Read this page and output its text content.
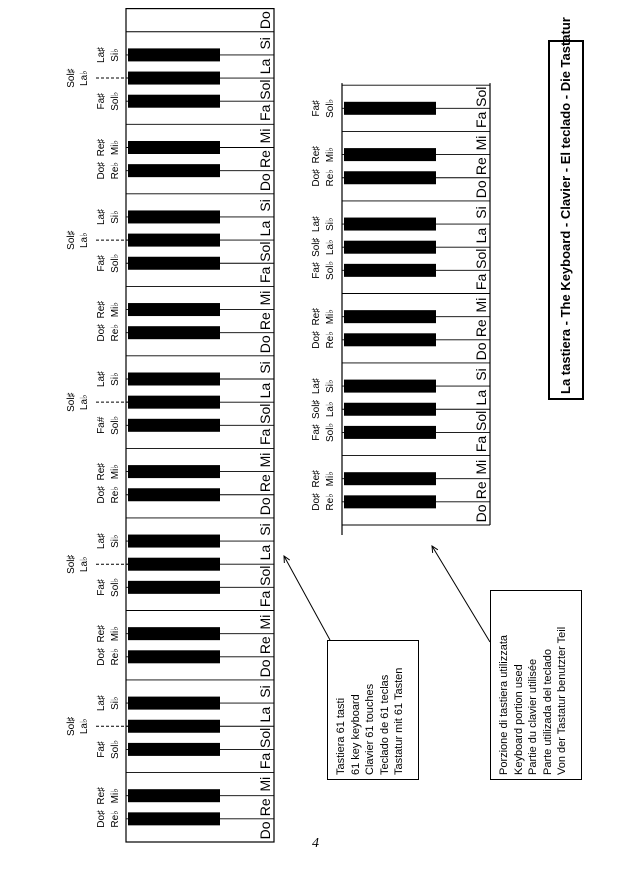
Do
Re
Mi
Fa
Sol
La
Si
Do
Re
Mi
Fa
Sol
La
Si
Do
Re
Mi
Fa
Sol
La
Si
Do
Re
Mi
Fa
Sol
La
Si
Do
Re
Mi
Fa
Sol
La
Si
Do
Re♭
Do♯
Mi♭
Re♯
Sol♭
Fa♯
La♭
Sol♯
Si♭
La♯
Re♭
Do♯
Mi♭
Re♯
Sol♭
Fa♯
La♭
Sol♯
Si♭
La♯
Re♭
Do♯
Mi♭
Re♯
Sol♭
Fa#
La♭
Sol♯
Si♭
La♯
Re♭
Do♯
Mi♭
Re♯
Sol♭
Fa♯
La♭
Sol♯
Si♭
La♯
Re♭
Do♯
Mi♭
Re♯
Sol♭
Fa♯
La♭
Sol♯
Si♭
La♯
Do
Re
Mi
Fa
Sol
La
Si
Do
Re
Mi
Fa
Sol
La
Si
Do
Re
Mi
Fa
Sol
Re♭
Do♯
Mi♭
Re♯
Sol♭
Fa♯
La♭
Sol♯
Si♭
La♯
Re♭
Do♯
Mi♭
Re♯
Sol♭
Fa♯
La♭
Sol♯
Si♭
La♯
Re♭
Do♯
Mi♭
Re♯
Sol♭
Fa♯	La tastiera - The Keyboard - Clavier - El teclado - Die Tastatur
Tastiera 61 tasti 61 key keyboard Clavier 61 touches Teclado de 61 teclas Tastatur mit 61 Tasten	Porzione di tastiera utilizzata Keyboard portion used Partie du clavier utilisée Parte utilizada del teclado Von der Tastatur benutzter Teil
4
